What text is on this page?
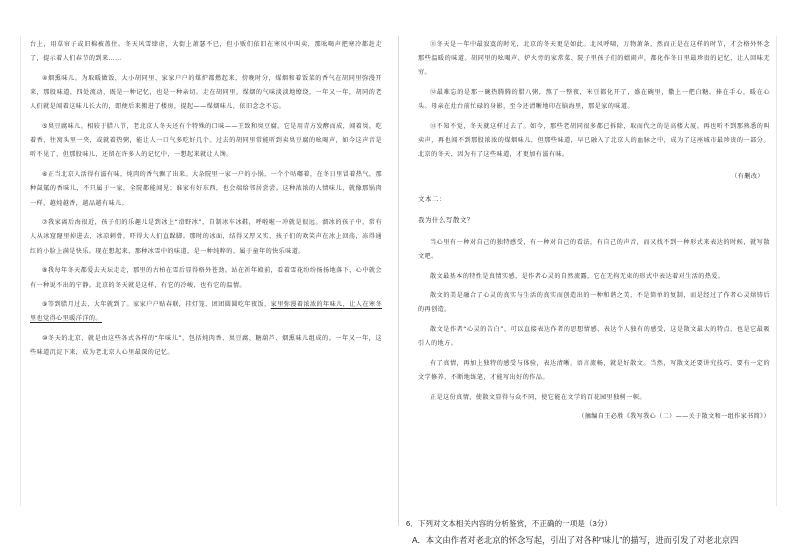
台上，用草帘子或旧棉被盖住。冬天风雪肆虐，大街上萧瑟不已，但小贩们依旧在寒风中叫卖，那吆喝声把寒冷都赶走了，提示着人们春节的到来……

④烟熏味儿。为取暖做饭，大小胡同里、家家户户的煤炉都燃起来，傍晚时分，煤烟和着饭菜的香气在胡同里弥漫开来，那股味道，四处流动，既是一种记忆，也是一种亲切。走在胡同里，煤烟的气味淡淡地缭绕，一年又一年，胡同的老人们就是闻着这味儿长大的，即便后来搬进了楼房，提起——煤烟味儿，依旧念念不忘。

⑤臭豆腐味儿。相较于腊八节，老北京人冬天还有个特殊的口味——王致和臭豆腐。它是用青方发酵而成，闻着臭，吃着香，往窝头里一夹，或就着热粥，能让人一口气多吃好几个。过去的胡同里常能听到卖臭豆腐的吆喝声，如今这声音是听不见了，但那股味儿，还留在许多人的记忆中，一想起来就让人馋。

⑥正当北京人活得有滋有味，炖肉的香气飘了出来。大杂院里一家一户的小锅，一个个咕嘟着，在冬日里冒着热气，那种氤氲的香味儿，不只属于一家，全院都能闻见；谁家有好东西，也会端给邻居尝尝。这种浓浓的人情味儿，就像那锅肉一样，越炖越香，越品越有味儿。

⑦我家离后海很近，孩子们的乐趣儿是到冰上“滑野冰”，自制冰车冰鞋，呼啦啦一冲就是很远。溜冰的孩子中，常有人从冰窟窿里掉进去，冰凉刺骨，吓得大人们直跺脚。那时的冰面，结得又厚又实，孩子们的欢笑声在冰上回荡，冻得通红的小脸上满是快乐。现在想起来，那种冰雪中的味道，是一种纯粹的、属于童年的快乐味道。

⑧我每年冬天都爱去天坛走走，那里的古柏在雪后显得格外苍劲。站在祈年殿前，看着雪花纷纷扬扬地落下，心中就会有一种说不出的宁静。北京的冬天就是这样，有它的冷峻，也有它的温情。

⑨等到腊月过去，大年就到了。家家户户贴春联，挂灯笼，团团圆圆吃年夜饭，家里弥漫着浓浓的年味儿，让人在寒冬里也觉得心里暖洋洋的。

⑩冬天的北京，就是由这些各式各样的“年味儿”，包括炖肉香、臭豆腐、糖葫芦、烟熏味儿组成的。一年又一年，这些味道沉淀下来，成为老北京人心里最深的记忆。

⑪冬天是一年中最寂寞的时光，北京的冬天更是如此。北风呼啸，万物萧条，然而正是在这样的时节，才会格外怀念那些温暖的味道。胡同里的吆喝声、炉火旁的家常菜、院子里孩子们的嬉闹声，都化作冬日里最珍贵的记忆，让人回味无穷。

⑫最难忘的是那一碗热腾腾的腊八粥，熬了一整夜，米豆都化开了，盛在碗里，撒上一把白糖，捧在手心，暖在心头。母亲在灶台前忙碌的身影，至今还清晰地印在脑海里，那是家的味道。

⑬不知不觉，冬天就这样过去了。如今，那些老胡同很多都已拆除，取而代之的是高楼大厦。再也听不到那熟悉的叫卖声，再也闻不到那股浓浓的煤烟味儿，但那些味道，早已融入了北京人的血脉之中，成为了这座城市最珍贵的一部分。北京的冬天，因为有了这些味道，才更加有滋有味。

（有删改）
文本二：
我为什么写散文？

当心里有一种对自己的独特感受，有一种对自己的看法，有自己的声音，而又找不到一种形式来表达的时候，就写散文吧。

散文最基本的特性是真情实感，是作者心灵的自然流露，它在无拘无束的形式中表达着对生活的热爱。

散文的美是融合了心灵的真实与生活的真实而创造出的一种和谐之美，不是简单的复制，而是经过了作者心灵熔铸后的再创造。

散文是作者“心灵的告白”，可以直接表达作者的思想情感，表达个人独有的感受，这是散文最大的特点，也是它最吸引人的地方。

有了真情，再加上独特的感受与体验，表达清晰，语言流畅，就是好散文。当然，写散文还要讲究技巧，要有一定的文学修养，不断地练笔，才能写出好的作品。

正是这份真情，使散文显得与众不同，使它能在文学的百花园里独树一帜。

（摘编自王必胜《我写我心（二）——关于散文和一组作家书简》）
6．下列对文本相关内容的分析鉴赏，不正确的一项是（3分）
A．本文由作者对老北京的怀念写起，引出了对各种“味儿”的描写，进而引发了对老北京四
